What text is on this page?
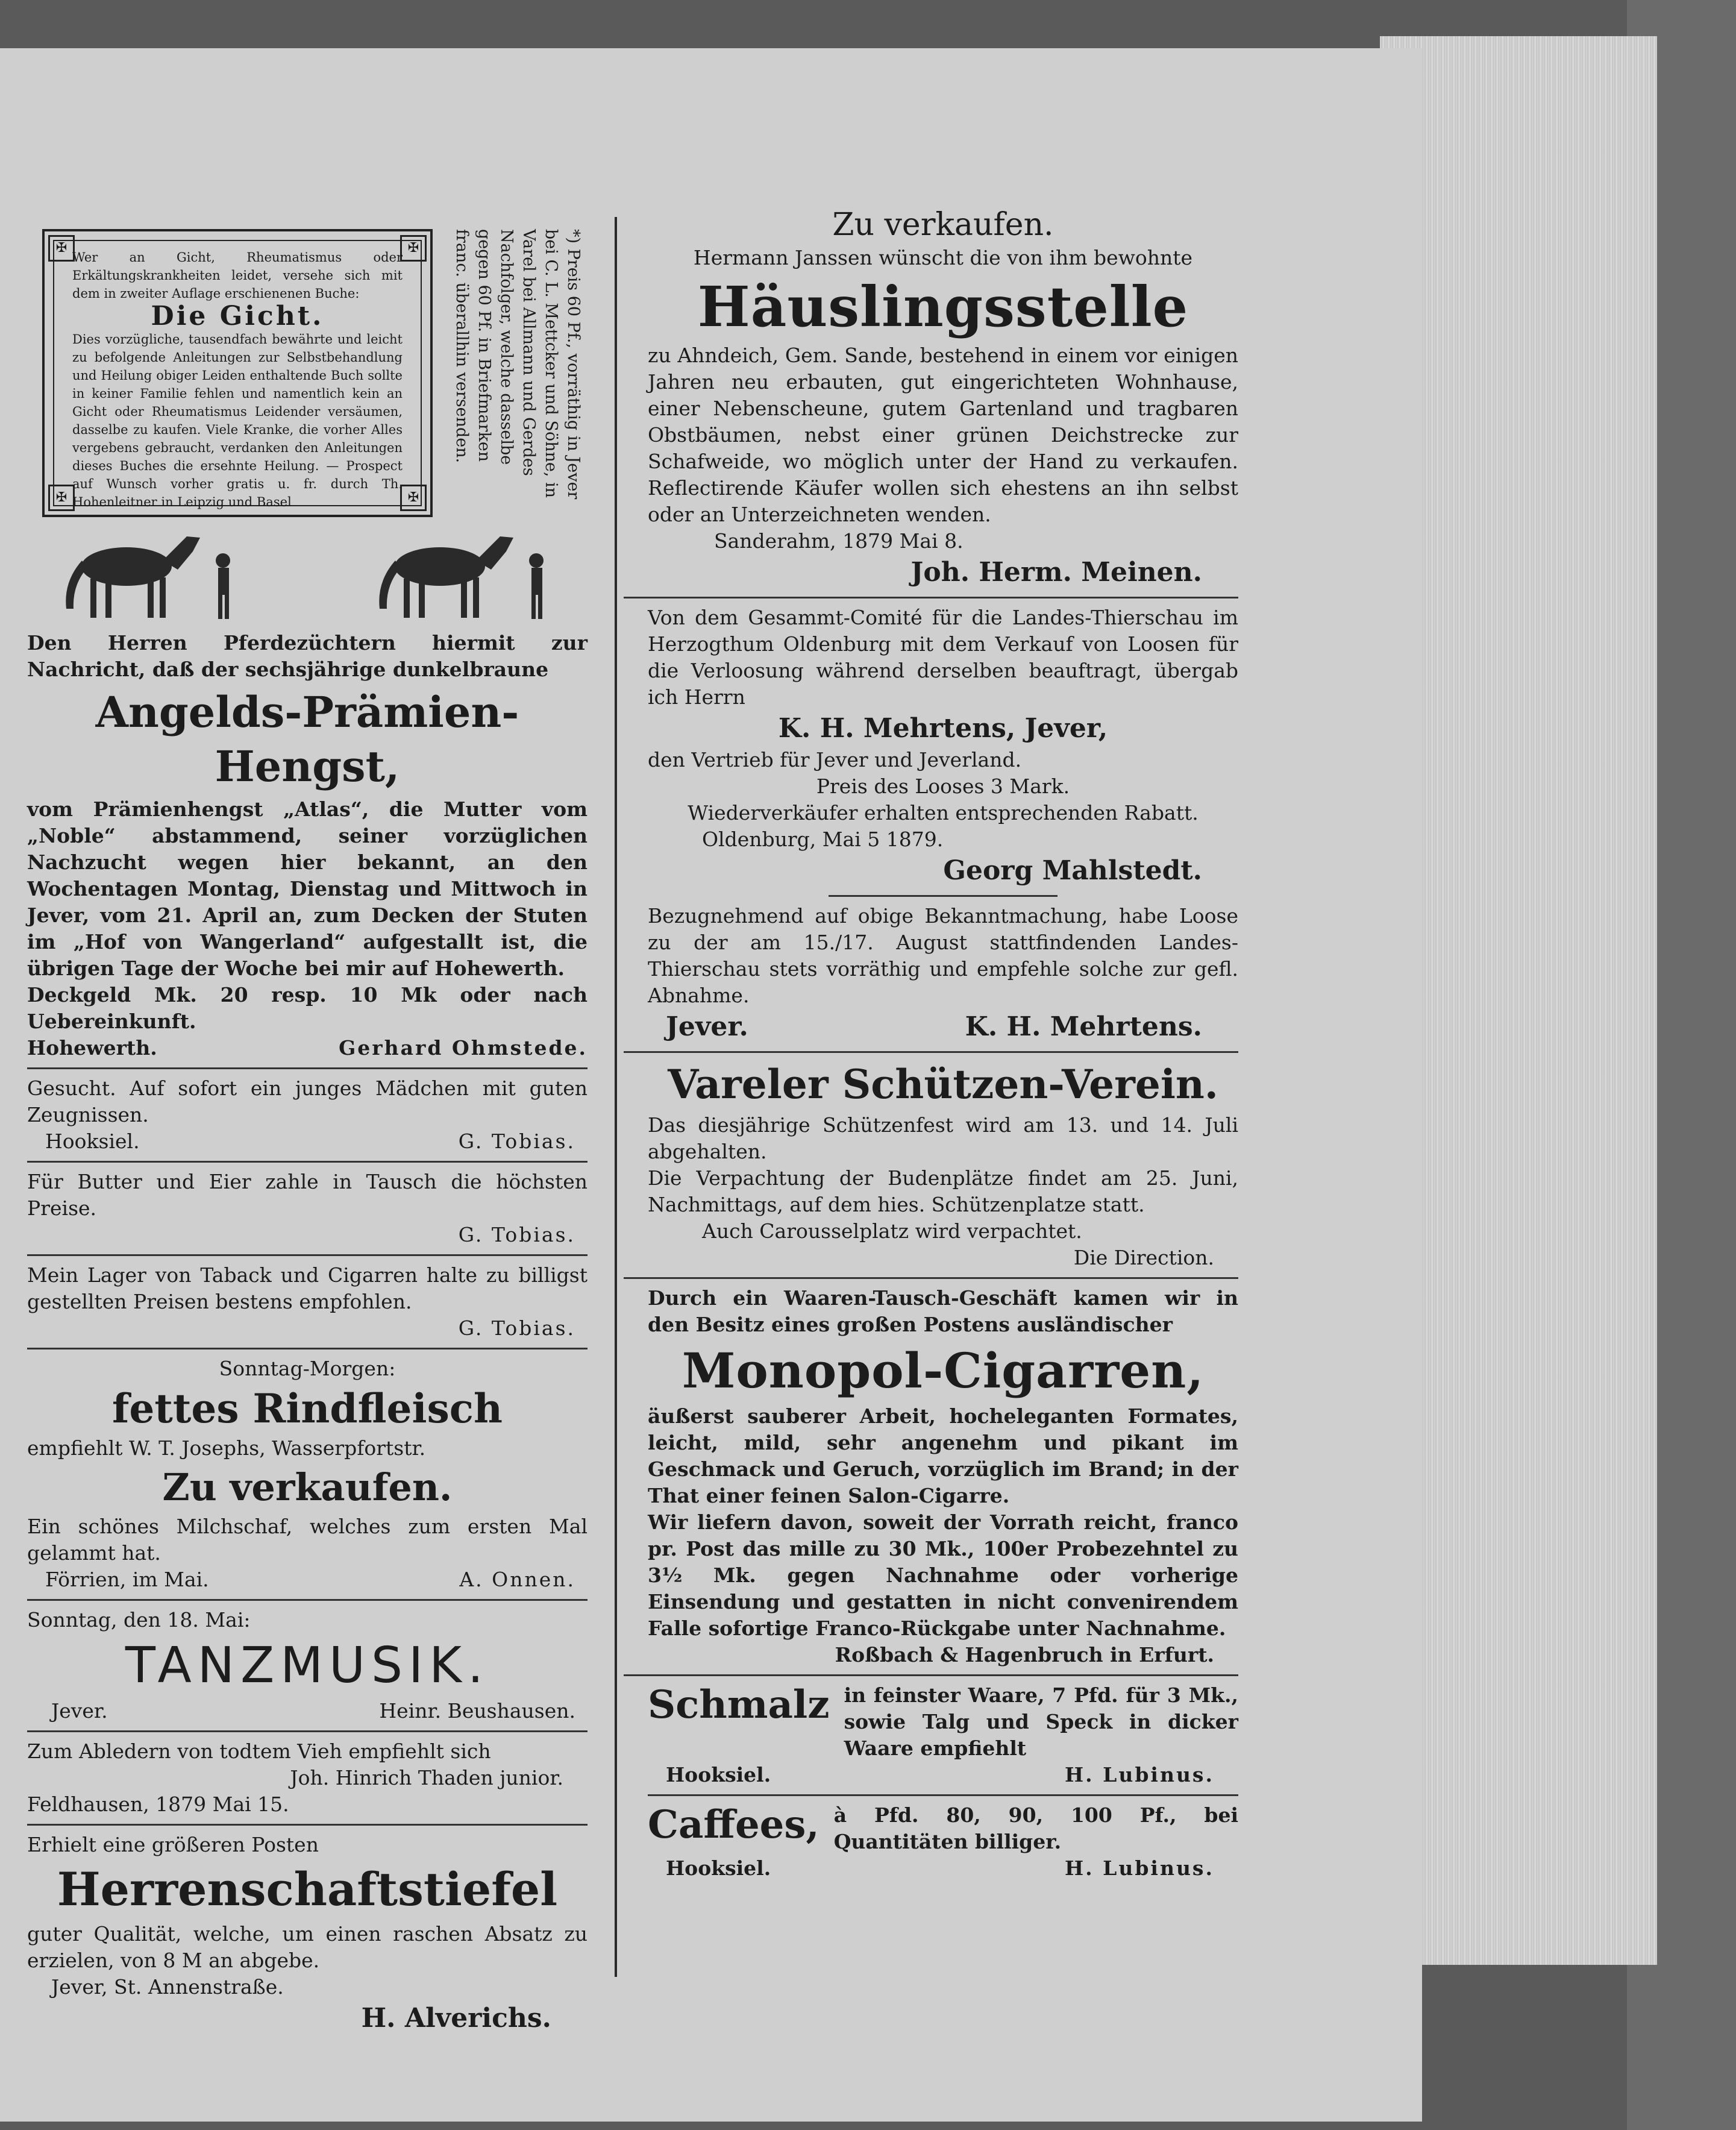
✠	✠
✠	✠

Wer an Gicht, Rheumatismus oder Erkältungskrankheiten leidet, versehe sich mit dem in zweiter Auflage erschienenen Buche:

Die Gicht.

Dies vorzügliche, tausendfach bewährte und leicht zu befolgende Anleitungen zur Selbstbehandlung und Heilung obiger Leiden enthaltende Buch sollte in keiner Familie fehlen und namentlich kein an Gicht oder Rheumatismus Leidender versäumen, dasselbe zu kaufen. Viele Kranke, die vorher Alles vergebens gebraucht, verdanken den Anleitungen dieses Buches die ersehnte Heilung. — Prospect auf Wunsch vorher gratis u. fr. durch Th. Hohenleitner in Leipzig und Basel

*) Preis 60 Pf., vorräthig in Jever bei C. L. Mettcker und Söhne, in Varel bei Allmann und Gerdes Nachfolger, welche dasselbe gegen 60 Pf. in Briefmarken franc. überallhin versenden.

Den Herren Pferdezüchtern hiermit zur Nachricht, daß der sechsjährige dunkelbraune

Angelds-Prämien-Hengst,

vom Prämienhengst „Atlas“, die Mutter vom „Noble“ abstammend, seiner vorzüglichen Nachzucht wegen hier bekannt, an den Wochentagen Montag, Dienstag und Mittwoch in Jever, vom 21. April an, zum Decken der Stuten im „Hof von Wangerland“ aufgestallt ist, die übrigen Tage der Woche bei mir auf Hohewerth.

Deckgeld Mk. 20 resp. 10 Mk oder nach Uebereinkunft.

Hohewerth.	Gerhard Ohmstede.

Gesucht. Auf sofort ein junges Mädchen mit guten Zeugnissen.

Hooksiel.	G. Tobias.

Für Butter und Eier zahle in Tausch die höchsten Preise.

G. Tobias.

Mein Lager von Taback und Cigarren halte zu billigst gestellten Preisen bestens empfohlen.

G. Tobias.

Sonntag-Morgen:

fettes Rindfleisch

empfiehlt W. T. Josephs, Wasserpfortstr.

Zu verkaufen.

Ein schönes Milchschaf, welches zum ersten Mal gelammt hat.

Förrien, im Mai.	A. Onnen.

Sonntag, den 18. Mai:

TANZMUSIK.

Jever.	Heinr. Beushausen.

Zum Abledern von todtem Vieh empfiehlt sich

Joh. Hinrich Thaden junior.

Feldhausen, 1879 Mai 15.

Erhielt eine größeren Posten

Herrenschaftstiefel

guter Qualität, welche, um einen raschen Absatz zu erzielen, von 8 M an abgebe.

Jever, St. Annenstraße.

H. Alverichs.

Zu verkaufen.

Hermann Janssen wünscht die von ihm bewohnte

Häuslingsstelle

zu Ahndeich, Gem. Sande, bestehend in einem vor einigen Jahren neu erbauten, gut eingerichteten Wohnhause, einer Nebenscheune, gutem Gartenland und tragbaren Obstbäumen, nebst einer grünen Deichstrecke zur Schafweide, wo möglich unter der Hand zu verkaufen. Reflectirende Käufer wollen sich ehestens an ihn selbst oder an Unterzeichneten wenden.

Sanderahm, 1879 Mai 8.

Joh. Herm. Meinen.

Von dem Gesammt-Comité für die Landes-Thierschau im Herzogthum Oldenburg mit dem Verkauf von Loosen für die Verloosung während derselben beauftragt, übergab ich Herrn

K. H. Mehrtens, Jever,

den Vertrieb für Jever und Jeverland.

Preis des Looses 3 Mark.

Wiederverkäufer erhalten entsprechenden Rabatt.

Oldenburg, Mai 5 1879.

Georg Mahlstedt.

Bezugnehmend auf obige Bekanntmachung, habe Loose zu der am 15./17. August stattfindenden Landes-Thierschau stets vorräthig und empfehle solche zur gefl. Abnahme.

Jever.	K. H. Mehrtens.

Vareler Schützen-Verein.

Das diesjährige Schützenfest wird am 13. und 14. Juli abgehalten.

Die Verpachtung der Budenplätze findet am 25. Juni, Nachmittags, auf dem hies. Schützenplatze statt.

Auch Carousselplatz wird verpachtet.

Die Direction.

Durch ein Waaren-Tausch-Geschäft kamen wir in den Besitz eines großen Postens ausländischer

Monopol-Cigarren,

äußerst sauberer Arbeit, hocheleganten Formates, leicht, mild, sehr angenehm und pikant im Geschmack und Geruch, vorzüglich im Brand; in der That einer feinen Salon-Cigarre.

Wir liefern davon, soweit der Vorrath reicht, franco pr. Post das mille zu 30 Mk., 100er Probezehntel zu 3½ Mk. gegen Nachnahme oder vorherige Einsendung und gestatten in nicht convenirendem Falle sofortige Franco-Rückgabe unter Nachnahme.

Roßbach & Hagenbruch in Erfurt.

Schmalz in feinster Waare, 7 Pfd. für 3 Mk., sowie Talg und Speck in dicker Waare empfiehlt

Hooksiel.	H. Lubinus.

Caffees, à Pfd. 80, 90, 100 Pf., bei Quantitäten billiger.

Hooksiel.	H. Lubinus.
